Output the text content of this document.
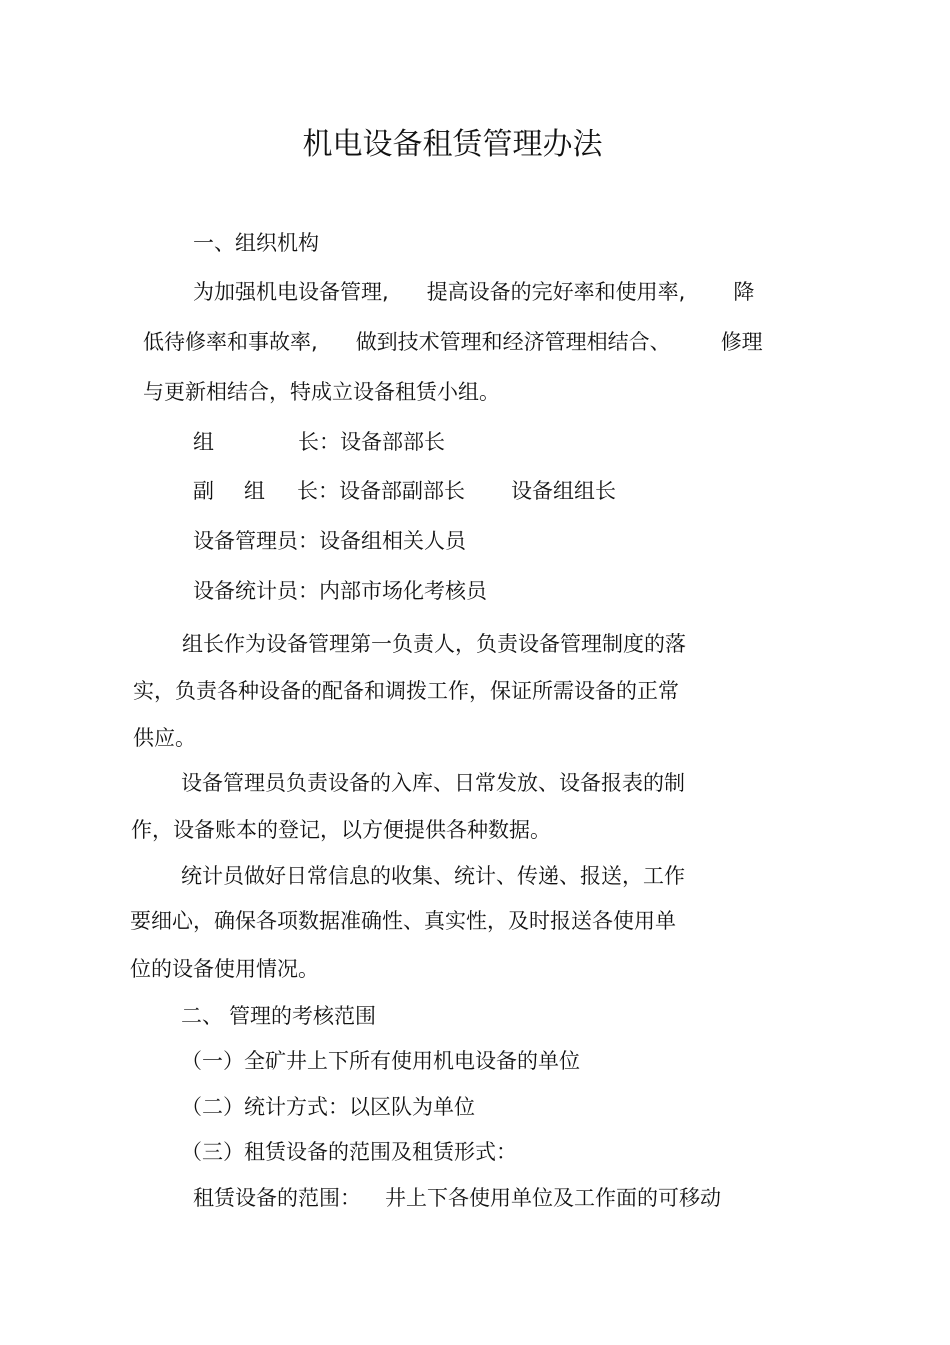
机电设备租赁管理办法
一、组织机构
为加强机电设备管理, 提高设备的完好率和使用率, 降
低待修率和事故率, 做到技术管理和经济管理相结合、 修理
与更新相结合，特成立设备租赁小组。
组	长：设备部部长
副 组 长：设备部副部长 设备组组长
设备管理员：设备组相关人员
设备统计员：内部市场化考核员
组长作为设备管理第一负责人，负责设备管理制度的落
实，负责各种设备的配备和调拨工作，保证所需设备的正常
供应。
设备管理员负责设备的入库、日常发放、设备报表的制
作，设备账本的登记，以方便提供各种数据。
统计员做好日常信息的收集、统计、传递、报送，工作
要细心，确保各项数据准确性、真实性，及时报送各使用单
位的设备使用情况。
二、 管理的考核范围
（一）全矿井上下所有使用机电设备的单位
（二）统计方式：以区队为单位
（三）租赁设备的范围及租赁形式：
租赁设备的范围： 井上下各使用单位及工作面的可移动
